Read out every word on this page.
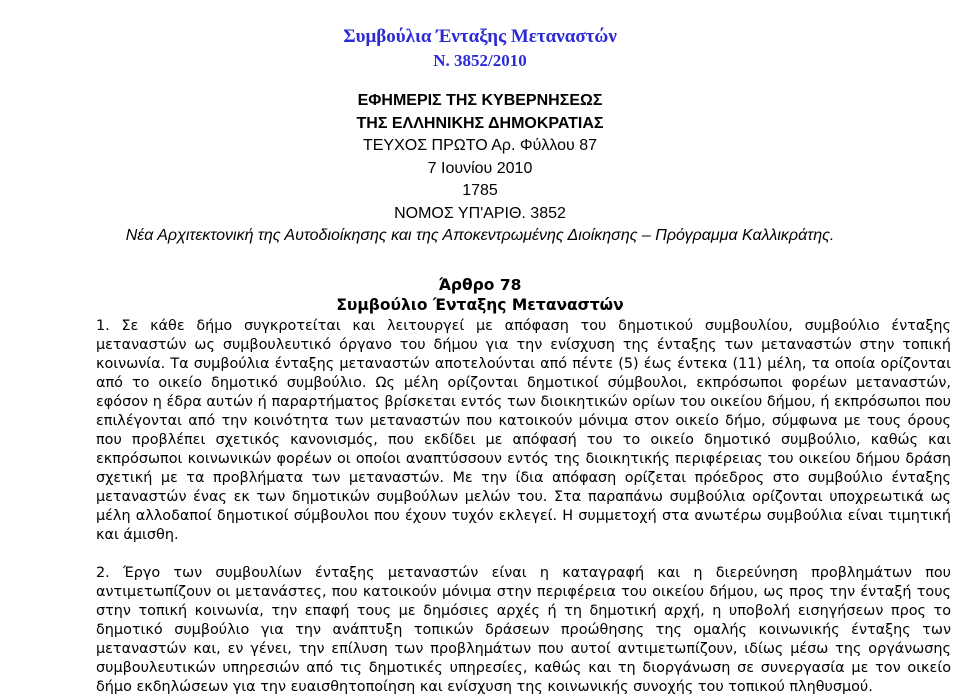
Συμβούλια Ένταξης Μεταναστών
Ν. 3852/2010
ΕΦΗΜΕΡΙΣ ΤΗΣ ΚΥΒΕΡΝΗΣΕΩΣ
ΤΗΣ ΕΛΛΗΝΙΚΗΣ ΔΗΜΟΚΡΑΤΙΑΣ
ΤΕΥΧΟΣ ΠΡΩΤΟ Αρ. Φύλλου 87
7 Ιουνίου 2010
1785
ΝΟΜΟΣ ΥΠ'ΑΡΙΘ. 3852
Νέα Αρχιτεκτονική της Αυτοδιοίκησης και της Αποκεντρωμένης Διοίκησης – Πρόγραμμα Καλλικράτης.
Άρθρο 78
Συμβούλιο Ένταξης Μεταναστών

1. Σε κάθε δήμο συγκροτείται και λειτουργεί με απόφαση του δημοτικού συμβουλίου, συμβούλιο ένταξης μεταναστών ως συμβουλευτικό όργανο του δήμου για την ενίσχυση της ένταξης των μεταναστών στην τοπική κοινωνία. Τα συμβούλια ένταξης μεταναστών αποτελούνται από πέντε (5) έως έντεκα (11) μέλη, τα οποία ορίζονται από το οικείο δημοτικό συμβούλιο. Ως μέλη ορίζονται δημοτικοί σύμβουλοι, εκπρόσωποι φορέων μεταναστών, εφόσον η έδρα αυτών ή παραρτήματος βρίσκεται εντός των διοικητικών ορίων του οικείου δήμου, ή εκπρόσωποι που επιλέγονται από την κοινότητα των μεταναστών που κατοικούν μόνιμα στον οικείο δήμο, σύμφωνα με τους όρους που προβλέπει σχετικός κανονισμός, που εκδίδει με απόφασή του το οικείο δημοτικό συμβούλιο, καθώς και εκπρόσωποι κοινωνικών φορέων οι οποίοι αναπτύσσουν εντός της διοικητικής περιφέρειας του οικείου δήμου δράση σχετική με τα προβλήματα των μεταναστών. Με την ίδια απόφαση ορίζεται πρόεδρος στο συμβούλιο ένταξης μεταναστών ένας εκ των δημοτικών συμβούλων μελών του. Στα παραπάνω συμβούλια ορίζονται υποχρεωτικά ως μέλη αλλοδαποί δημοτικοί σύμβουλοι που έχουν τυχόν εκλεγεί. Η συμμετοχή στα ανωτέρω συμβούλια είναι τιμητική και άμισθη.

2. Έργο των συμβουλίων ένταξης μεταναστών είναι η καταγραφή και η διερεύνηση προβλημάτων που αντιμετωπίζουν οι μετανάστες, που κατοικούν μόνιμα στην περιφέρεια του οικείου δήμου, ως προς την ένταξή τους στην τοπική κοινωνία, την επαφή τους με δημόσιες αρχές ή τη δημοτική αρχή, η υποβολή εισηγήσεων προς το δημοτικό συμβούλιο για την ανάπτυξη τοπικών δράσεων προώθησης της ομαλής κοινωνικής ένταξης των μεταναστών και, εν γένει, την επίλυση των προβλημάτων που αυτοί αντιμετωπίζουν, ιδίως μέσω της οργάνωσης συμβουλευτικών υπηρεσιών από τις δημοτικές υπηρεσίες, καθώς και τη διοργάνωση σε συνεργασία με τον οικείο δήμο εκδηλώσεων για την ευαισθητοποίηση και ενίσχυση της κοινωνικής συνοχής του τοπικού πληθυσμού.
